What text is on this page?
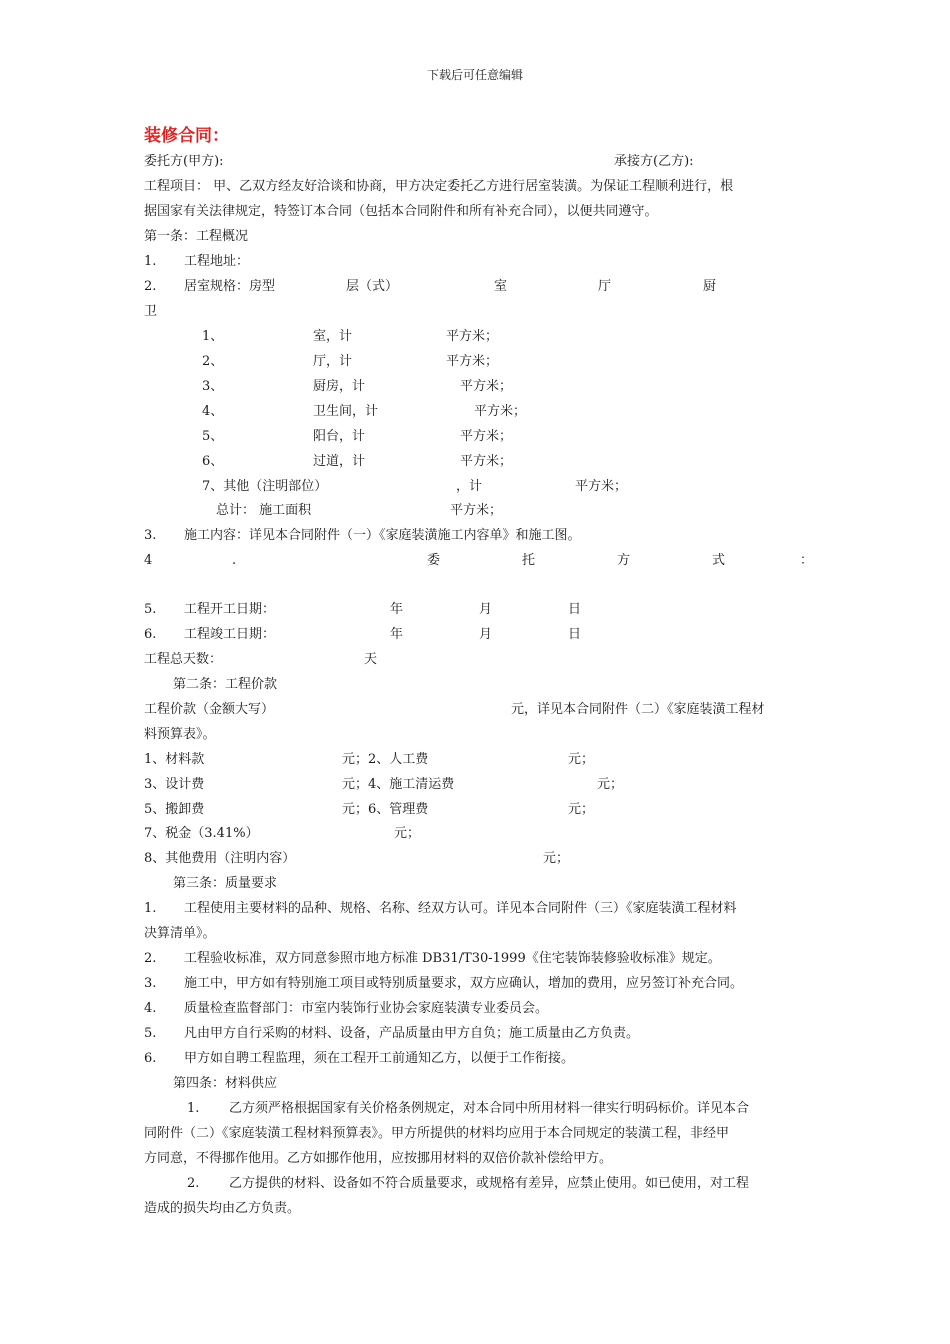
下载后可任意编辑
装修合同：
委托方(甲方):	承接方(乙方):
工程项目： 甲、乙双方经友好洽谈和协商，甲方决定委托乙方进行居室装潢。为保证工程顺利进行，根
据国家有关法律规定，特签订本合同（包括本合同附件和所有补充合同），以便共同遵守。
第一条：工程概况
1. 工程地址：
2. 居室规格：房型	层（式）	室	厅	厨
卫
1、	室，计	平方米；
2、	厅，计	平方米；
3、	厨房，计	平方米；
4、	卫生间，计	平方米；
5、	阳台，计	平方米；
6、	过道，计	平方米；
7、其他（注明部位）	，计	平方米；
总计： 施工面积	平方米；
3. 施工内容：详见本合同附件（一）《家庭装潢施工内容单》和施工图。
4	.	委	托	方	式	：
5. 工程开工日期：	年	月	日
6. 工程竣工日期：	年	月	日
工程总天数：	天
第二条：工程价款
工程价款（金额大写）	元，详见本合同附件（二）《家庭装潢工程材
料预算表》。
1、材料款	元；2、人工费	元；
3、设计费	元；4、施工清运费	元；
5、搬卸费	元；6、管理费	元；
7、税金（3.41%）	元；
8、其他费用（注明内容）	元；
第三条：质量要求
1. 工程使用主要材料的品种、规格、名称、经双方认可。详见本合同附件（三）《家庭装潢工程材料
决算清单》。
2. 工程验收标准，双方同意参照市地方标准 DB31/T30-1999《住宅装饰装修验收标准》规定。
3. 施工中，甲方如有特别施工项目或特别质量要求，双方应确认，增加的费用，应另签订补充合同。
4. 质量检查监督部门：市室内装饰行业协会家庭装潢专业委员会。
5. 凡由甲方自行采购的材料、设备，产品质量由甲方自负；施工质量由乙方负责。
6. 甲方如自聘工程监理，须在工程开工前通知乙方，以便于工作衔接。
第四条：材料供应
1. 乙方须严格根据国家有关价格条例规定，对本合同中所用材料一律实行明码标价。详见本合
同附件（二）《家庭装潢工程材料预算表》。甲方所提供的材料均应用于本合同规定的装潢工程，非经甲
方同意，不得挪作他用。乙方如挪作他用，应按挪用材料的双倍价款补偿给甲方。
2. 乙方提供的材料、设备如不符合质量要求，或规格有差异，应禁止使用。如已使用，对工程
造成的损失均由乙方负责。
